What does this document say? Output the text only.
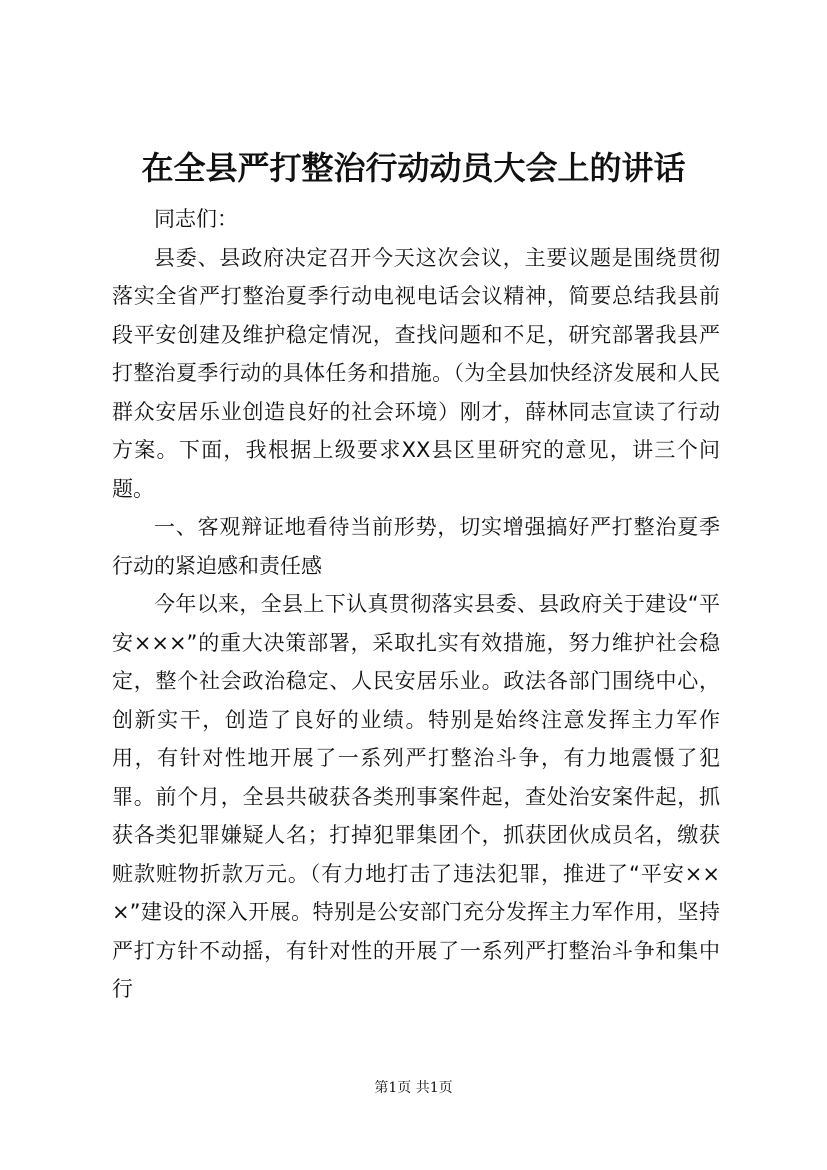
在全县严打整治行动动员大会上的讲话

同志们：

县委、县政府决定召开今天这次会议，主要议题是围绕贯彻落实全省严打整治夏季行动电视电话会议精神，简要总结我县前段平安创建及维护稳定情况，查找问题和不足，研究部署我县严打整治夏季行动的具体任务和措施。（为全县加快经济发展和人民群众安居乐业创造良好的社会环境）刚才，薛林同志宣读了行动方案。下面，我根据上级要求XX县区里研究的意见，讲三个问题。

一、客观辩证地看待当前形势，切实增强搞好严打整治夏季行动的紧迫感和责任感

今年以来，全县上下认真贯彻落实县委、县政府关于建设“平安×××”的重大决策部署，采取扎实有效措施，努力维护社会稳定，整个社会政治稳定、人民安居乐业。政法各部门围绕中心，创新实干，创造了良好的业绩。特别是始终注意发挥主力军作用，有针对性地开展了一系列严打整治斗争，有力地震慑了犯罪。前个月，全县共破获各类刑事案件起，查处治安案件起，抓获各类犯罪嫌疑人名；打掉犯罪集团个，抓获团伙成员名，缴获赃款赃物折款万元。（有力地打击了违法犯罪，推进了“平安×××”建设的深入开展。特别是公安部门充分发挥主力军作用，坚持严打方针不动摇，有针对性的开展了一系列严打整治斗争和集中行

第1页 共1页
